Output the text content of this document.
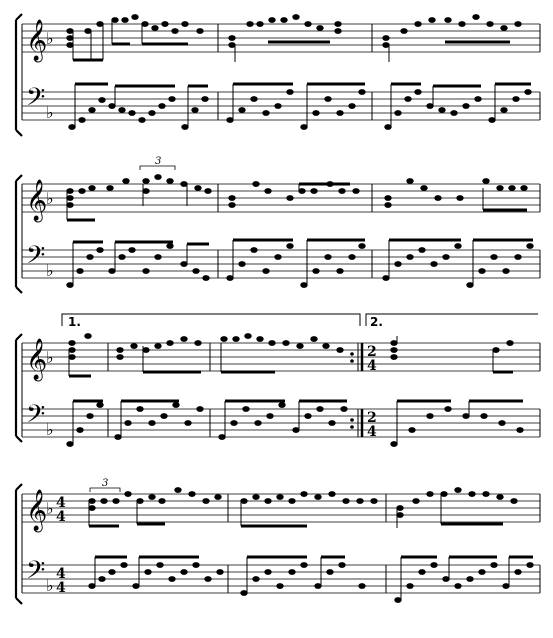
𝄞
♭
𝄢 ♭
3
𝄞
♭
𝄢 ♭
1.	2.
𝄞
♭
𝄢 ♭
2
4
2
4
3
𝄞
♭ 4
4
𝄢 ♭
4
4
